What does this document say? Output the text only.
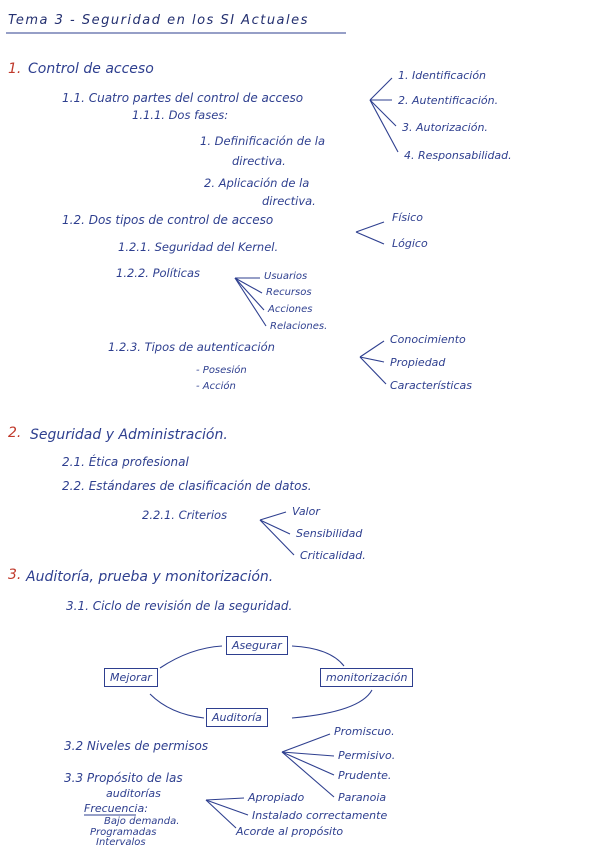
Tema 3 - Seguridad en los SI Actuales
1. Control de acceso
1.1. Cuatro partes del control de acceso
1. Identificación
2. Autentificación.
3. Autorización.
4. Responsabilidad.
1.1.1. Dos fases:
1. Definificación de la
directiva.
2. Aplicación de la
directiva.
1.2. Dos tipos de control de acceso	Físico
Lógico
1.2.1. Seguridad del Kernel.
1.2.2. Políticas	Usuarios
Recursos
Acciones
Relaciones.
1.2.3. Tipos de autenticación
Conocimiento
Propiedad
Características
- Posesión
- Acción
2. Seguridad y Administración.
2.1. Ética profesional
2.2. Estándares de clasificación de datos.
2.2.1. Criterios	Valor
Sensibilidad
Criticalidad.
3. Auditoría, prueba y monitorización.
3.1. Ciclo de revisión de la seguridad.
Asegurar
monitorización
Auditoría
Mejorar
3.2 Niveles de permisos
Promiscuo.
Permisivo.
Prudente.
Paranoia
3.3 Propósito de las
auditorías
Frecuencia:
Bajo demanda.
Programadas
Intervalos
Apropiado
Instalado correctamente
Acorde al propósito
